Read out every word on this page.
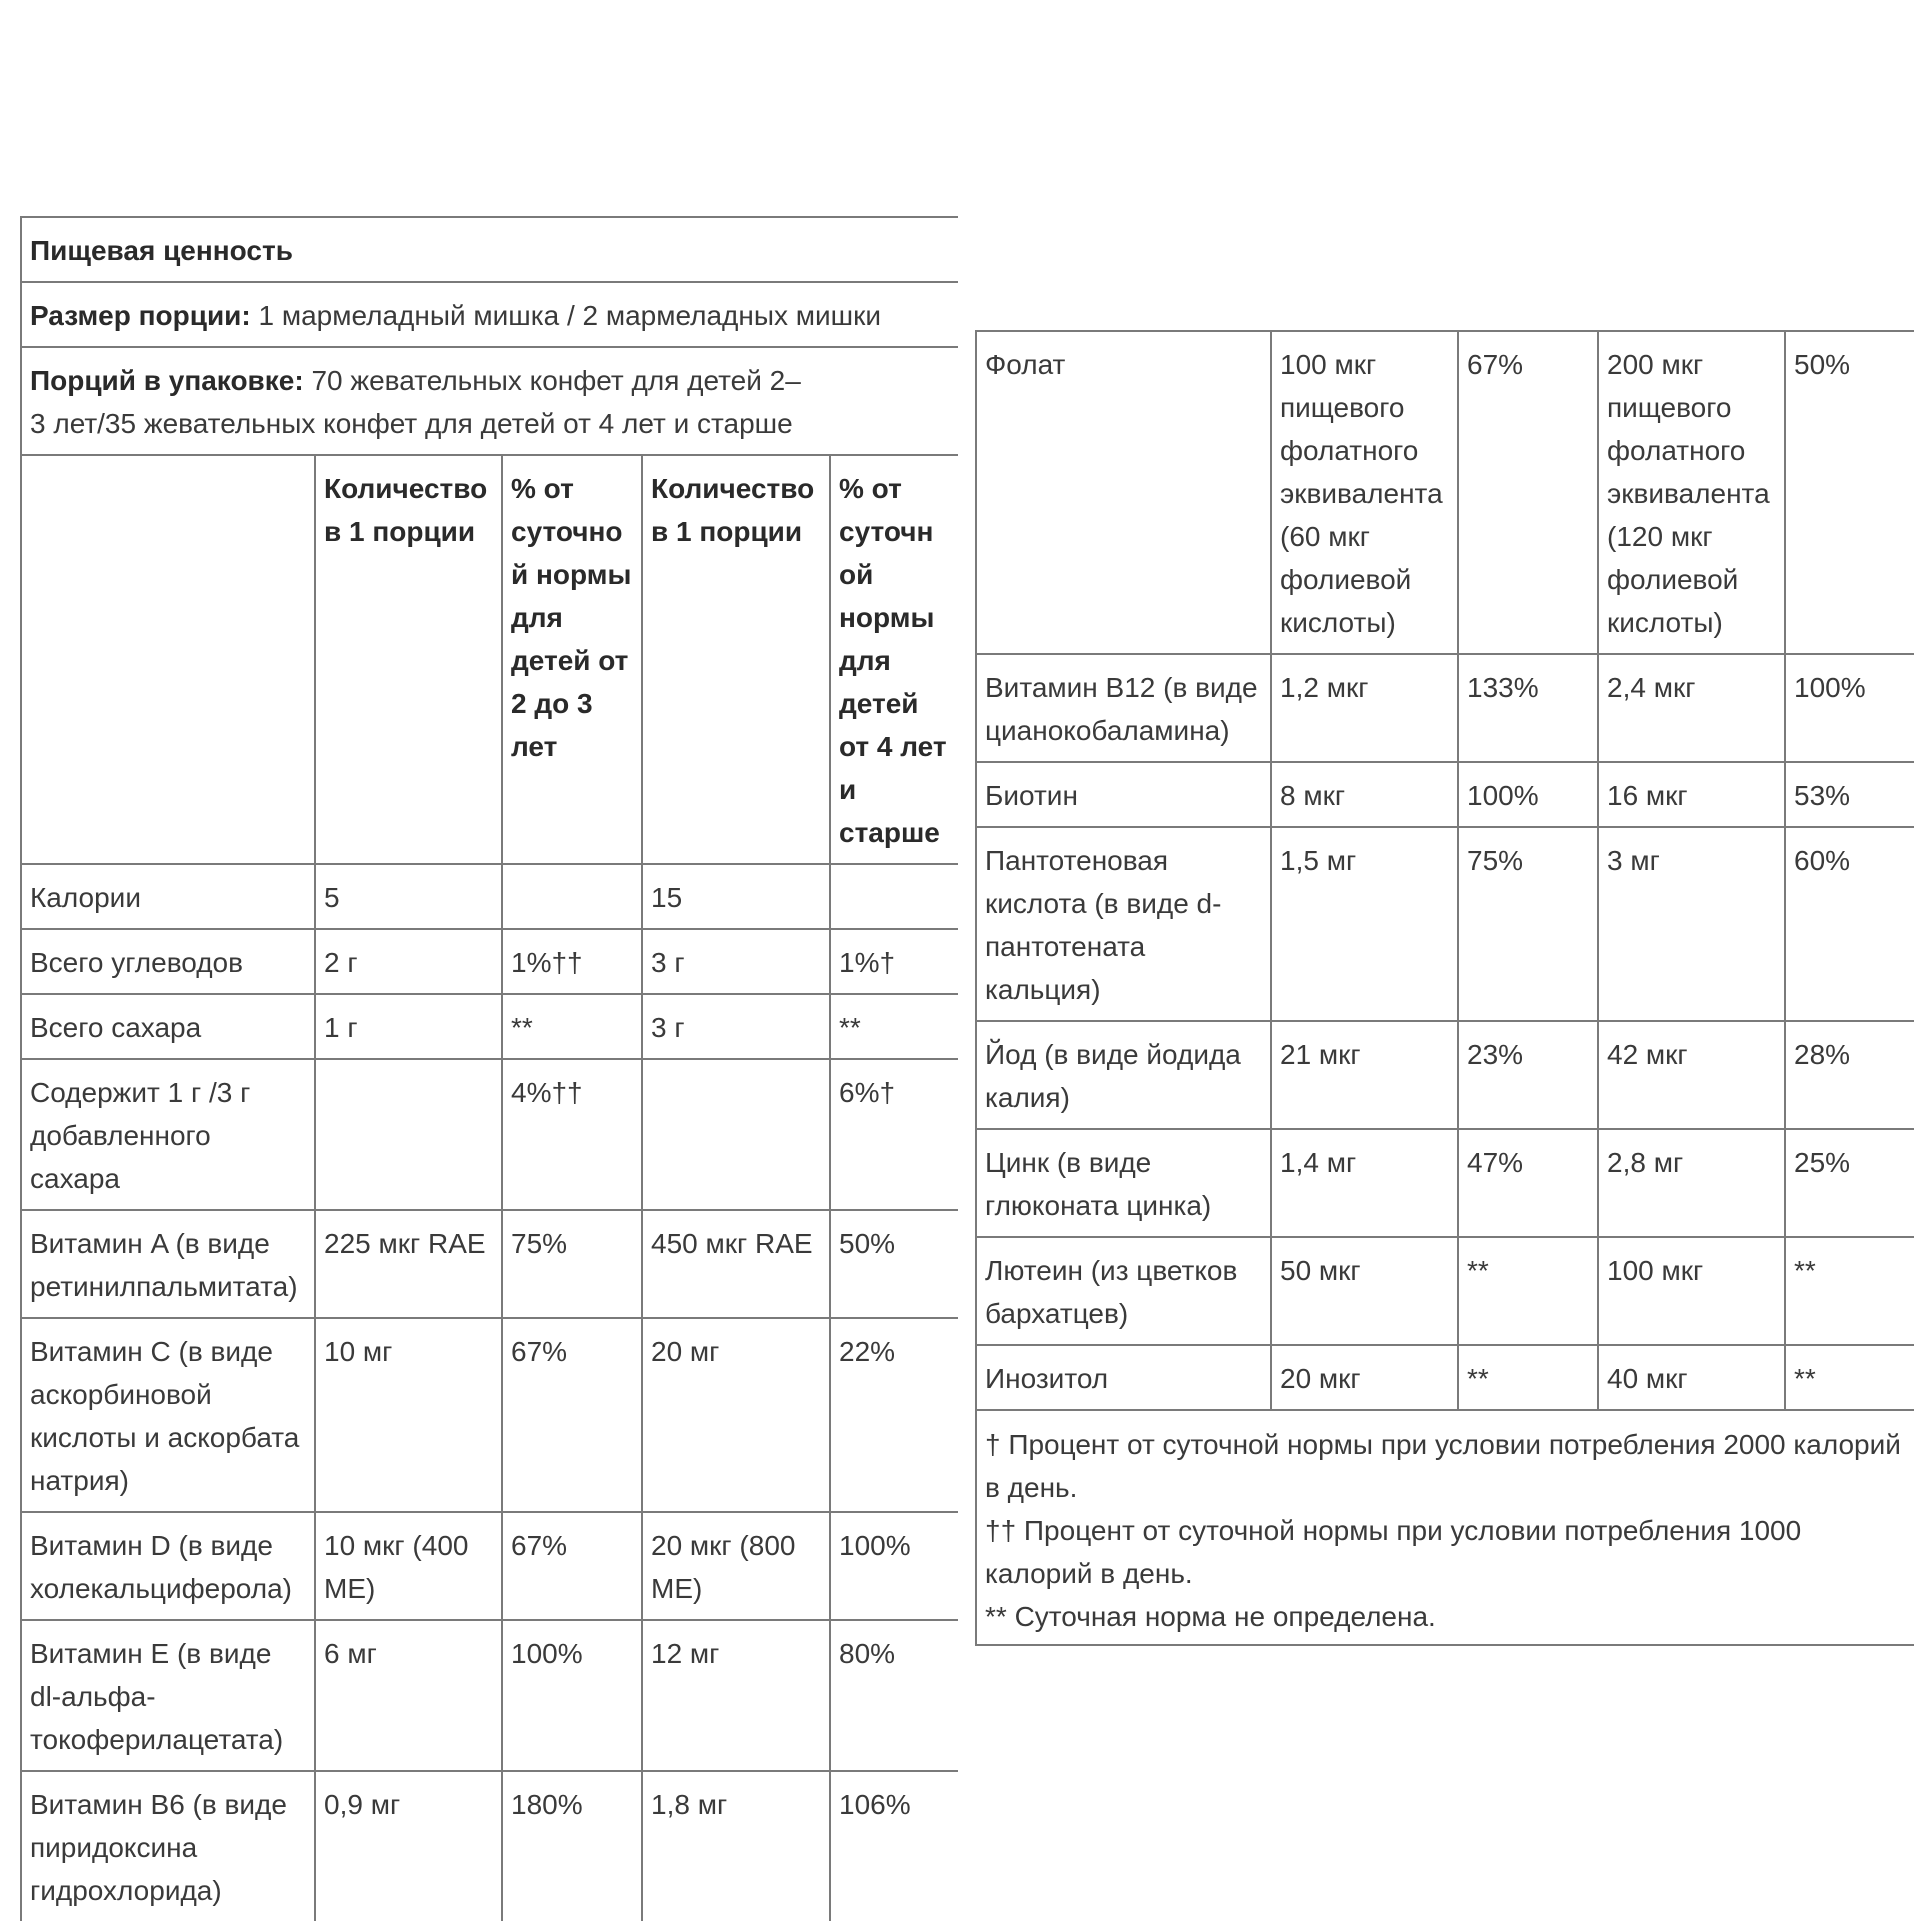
Пищевая ценность				
Размер порции: 1 мармеладный мишка / 2 мармеладных мишки				
Порций в упаковке: 70 жевательных конфет для детей 2–3 лет/35 жевательных конфет для детей от 4 лет и старше				
	Количество в 1 порции	% от суточной нормы для детей от 2 до 3 лет	Количество в 1 порции	% от суточной нормы для детей от 4 лет и старше
Калории	5		15	
Всего углеводов	2 г	1%††	3 г	1%†
Всего сахара	1 г	**	3 г	**
Содержит 1 г /3 г добавленного сахара		4%††		6%†
Витамин A (в виде ретинилпальмитата)	225 мкг RAE	75%	450 мкг RAE	50%
Витамин C (в виде аскорбиновой кислоты и аскорбата натрия)	10 мг	67%	20 мг	22%
Витамин D (в виде холекальциферола)	10 мкг (400 МЕ)	67%	20 мкг (800 МЕ)	100%
Витамин E (в виде dl-альфа-токоферилацетата)	6 мг	100%	12 мг	80%
Витамин B6 (в виде пиридоксина гидрохлорида)	0,9 мг	180%	1,8 мг	106%
Фолат	100 мкг пищевого фолатного эквивалента (60 мкг фолиевой кислоты)	67%	200 мкг пищевого фолатного эквивалента (120 мкг фолиевой кислоты)	50%
Витамин B12 (в виде цианокобаламина)	1,2 мкг	133%	2,4 мкг	100%
Биотин	8 мкг	100%	16 мкг	53%
Пантотеновая кислота (в виде d-пантотената кальция)	1,5 мг	75%	3 мг	60%
Йод (в виде йодида калия)	21 мкг	23%	42 мкг	28%
Цинк (в виде глюконата цинка)	1,4 мг	47%	2,8 мг	25%
Лютеин (из цветков бархатцев)	50 мкг	**	100 мкг	**
Инозитол	20 мкг	**	40 мкг	**

† Процент от суточной нормы при условии потребления 2000 калорий в день.
†† Процент от суточной нормы при условии потребления 1000 калорий в день.
** Суточная норма не определена.				
